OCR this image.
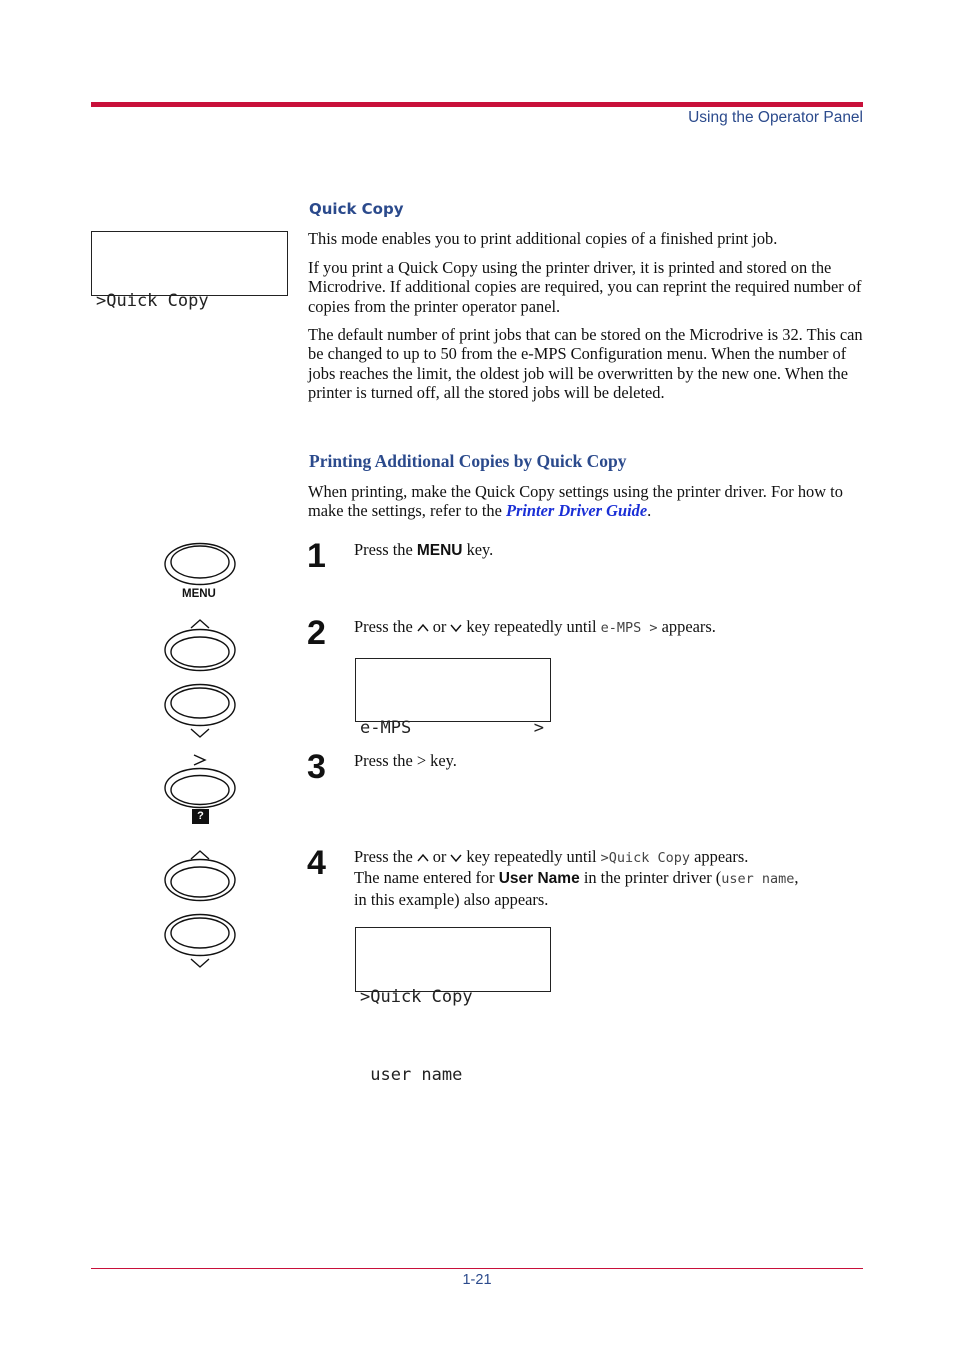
Using the Operator Panel
Quick Copy

>Quick Copy

This mode enables you to print additional copies of a finished print job.

If you print a Quick Copy using the printer driver, it is printed and stored on the Microdrive. If additional copies are required, you can reprint the required number of copies from the printer operator panel.

The default number of print jobs that can be stored on the Microdrive is 32. This can be changed to up to 50 from the e-MPS Configuration menu. When the number of jobs reaches the limit, the oldest job will be overwritten by the new one. When the printer is turned off, all the stored jobs will be deleted.

Printing Additional Copies by Quick Copy

When printing, make the Quick Copy settings using the printer driver. For how to make the settings, refer to the Printer Driver Guide.

1 Press the MENU key.
2 Press the or key repeatedly until e-MPS > appears.

e-MPS	>

3 Press the > key.
4 Press the or key repeatedly until >Quick Copy appears.
The name entered for User Name in the printer driver (user name,
in this example) also appears.

>Quick Copy

user name

MENU
?
1-21
